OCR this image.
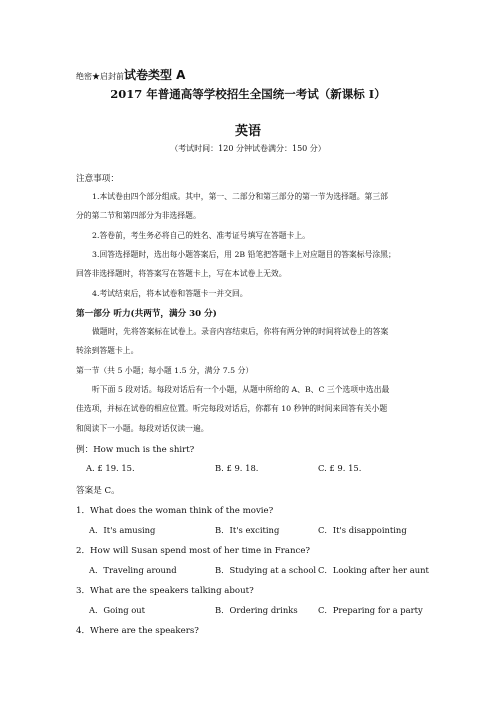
绝密★启封前试卷类型 A
2017 年普通高等学校招生全国统一考试（新课标 I）
英语
（考试时间：120 分钟试卷满分：150 分）
注意事项：
1.本试卷由四个部分组成。其中，第一、二部分和第三部分的第一节为选择题。第三部
分的第二节和第四部分为非选择题。
2.答卷前，考生务必将自己的姓名、准考证号填写在答题卡上。
3.回答选择题时，选出每小题答案后，用 2B 铅笔把答题卡上对应题目的答案标号涂黑；
回答非选择题时，将答案写在答题卡上，写在本试卷上无效。
4.考试结束后，将本试卷和答题卡一并交回。
第一部分 听力(共两节，满分 30 分)
做题时，先将答案标在试卷上。录音内容结束后，你将有两分钟的时间将试卷上的答案
转涂到答题卡上。
第一节（共 5 小题；每小题 1.5 分，满分 7.5 分）
听下面 5 段对话。每段对话后有一个小题，从题中所给的 A、B、C 三个选项中选出最
佳选项，并标在试卷的相应位置。听完每段对话后，你都有 10 秒钟的时间来回答有关小题
和阅读下一小题。每段对话仅读一遍。
例：How much is the shirt?
A. £ 19. 15.	B. £ 9. 18.	C. £ 9. 15.
答案是 C。
1．What does the woman think of the movie?
A．It's amusing	B．It's exciting	C．It's disappointing
2．How will Susan spend most of her time in France?
A．Traveling around	B．Studying at a school C．Looking after her aunt
3．What are the speakers talking about?
A．Going out	B．Ordering drinks C．Preparing for a party
4．Where are the speakers?
